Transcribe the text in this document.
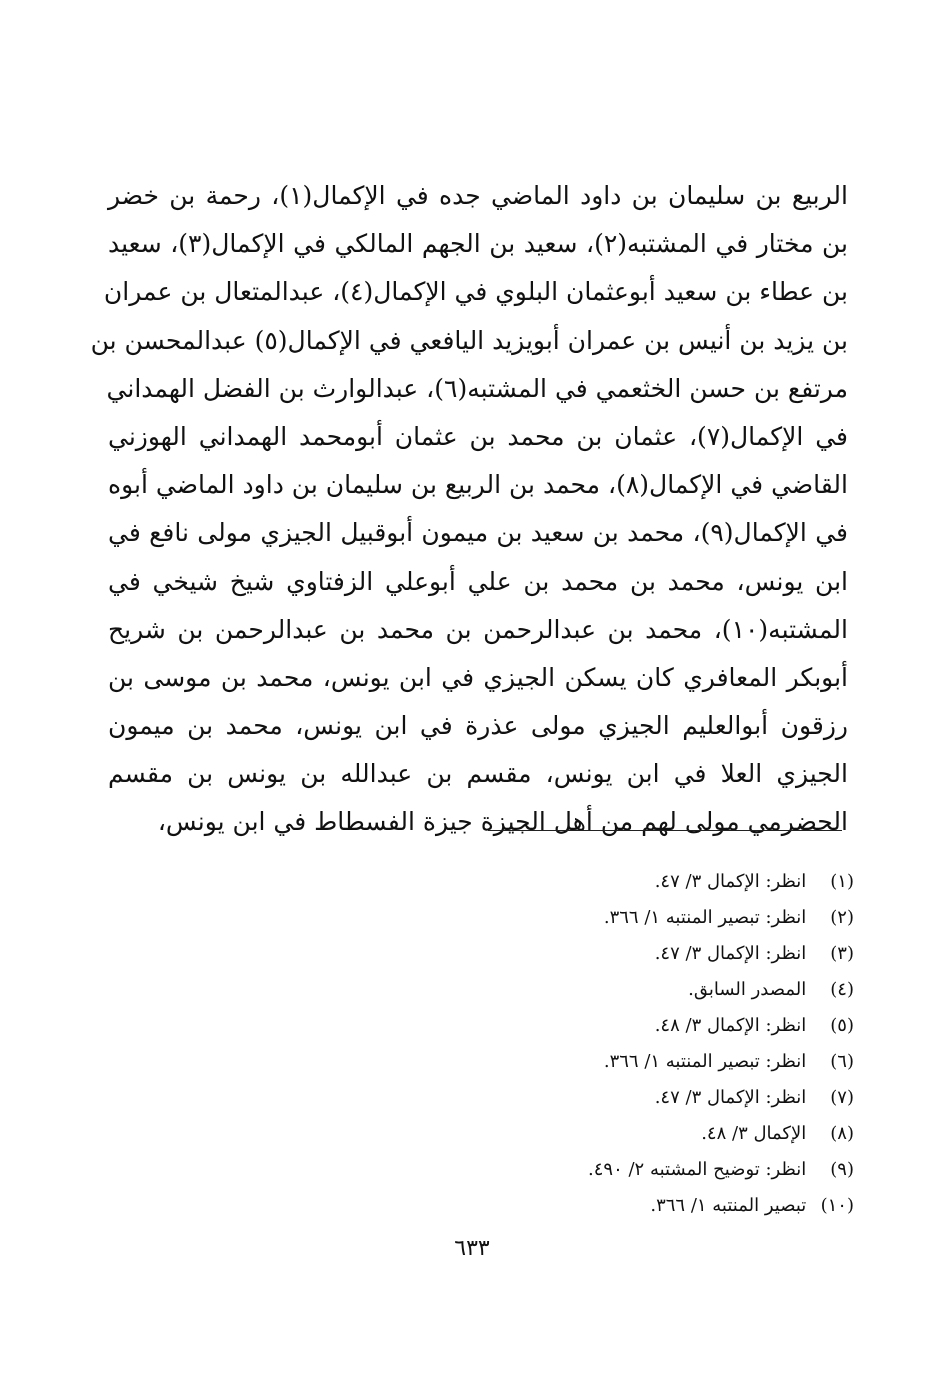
الربيع بن سليمان بن داود الماضي جده في الإكمال(١)، رحمة بن خضر
بن مختار في المشتبه(٢)، سعيد بن الجهم المالكي في الإكمال(٣)، سعيد
بن عطاء بن سعيد أبوعثمان البلوي في الإكمال(٤)، عبدالمتعال بن عمران
بن يزيد بن أنيس بن عمران أبويزيد اليافعي في الإكمال(٥) عبدالمحسن بن
مرتفع بن حسن الخثعمي في المشتبه(٦)، عبدالوارث بن الفضل الهمداني
في الإكمال(٧)، عثمان بن محمد بن عثمان أبومحمد الهمداني الهوزني
القاضي في الإكمال(٨)، محمد بن الربيع بن سليمان بن داود الماضي أبوه
في الإكمال(٩)، محمد بن سعيد بن ميمون أبوقبيل الجيزي مولى نافع في
ابن يونس، محمد بن محمد بن علي أبوعلي الزفتاوي شيخ شيخي في
المشتبه(١٠)، محمد بن عبدالرحمن بن محمد بن عبدالرحمن بن شريح
أبوبكر المعافري كان يسكن الجيزي في ابن يونس، محمد بن موسى بن
رزقون أبوالعليم الجيزي مولى عذرة في ابن يونس، محمد بن ميمون
الجيزي العلا في ابن يونس، مقسم بن عبدالله بن يونس بن مقسم
الحضرمي مولى لهم من أهل الجيزة جيزة الفسطاط في ابن يونس،
(١) انظر: الإكمال ٣/ ٤٧.
(٢) انظر: تبصير المنتبه ١/ ٣٦٦.
(٣) انظر: الإكمال ٣/ ٤٧.
(٤) المصدر السابق.
(٥) انظر: الإكمال ٣/ ٤٨.
(٦) انظر: تبصير المنتبه ١/ ٣٦٦.
(٧) انظر: الإكمال ٣/ ٤٧.
(٨) الإكمال ٣/ ٤٨.
(٩) انظر: توضيح المشتبه ٢/ ٤٩٠.
(١٠) تبصير المنتبه ١/ ٣٦٦.
٦٣٣
